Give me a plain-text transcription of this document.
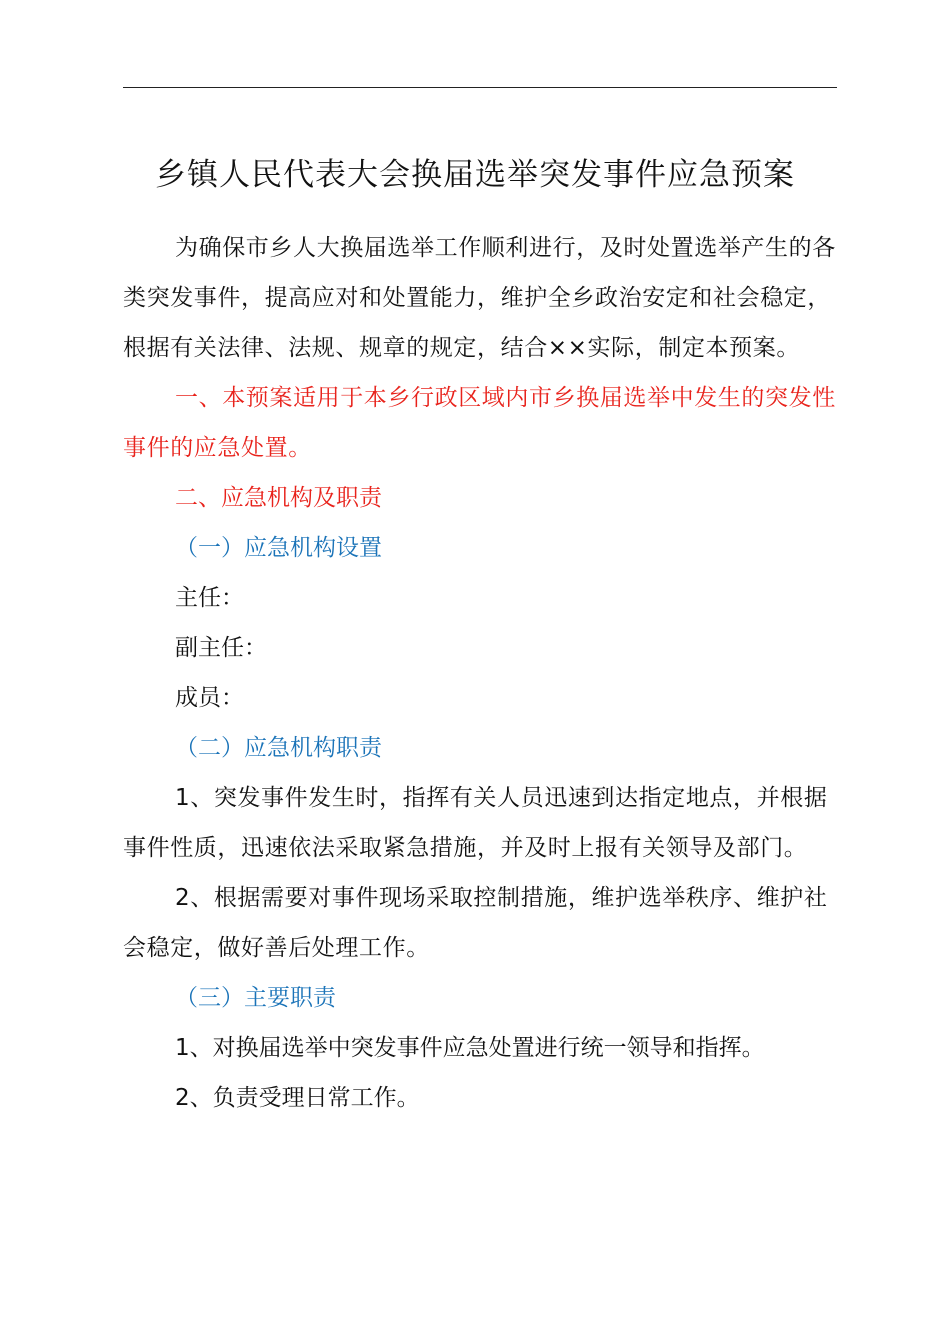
乡镇人民代表大会换届选举突发事件应急预案

为确保市乡人大换届选举工作顺利进行，及时处置选举产生的各类突发事件，提高应对和处置能力，维护全乡政治安定和社会稳定，根据有关法律、法规、规章的规定，结合××实际，制定本预案。

一、本预案适用于本乡行政区域内市乡换届选举中发生的突发性事件的应急处置。

二、应急机构及职责

（一）应急机构设置

主任：

副主任：

成员：

（二）应急机构职责

1、突发事件发生时，指挥有关人员迅速到达指定地点，并根据事件性质，迅速依法采取紧急措施，并及时上报有关领导及部门。

2、根据需要对事件现场采取控制措施，维护选举秩序、维护社会稳定，做好善后处理工作。

（三）主要职责

1、对换届选举中突发事件应急处置进行统一领导和指挥。

2、负责受理日常工作。
